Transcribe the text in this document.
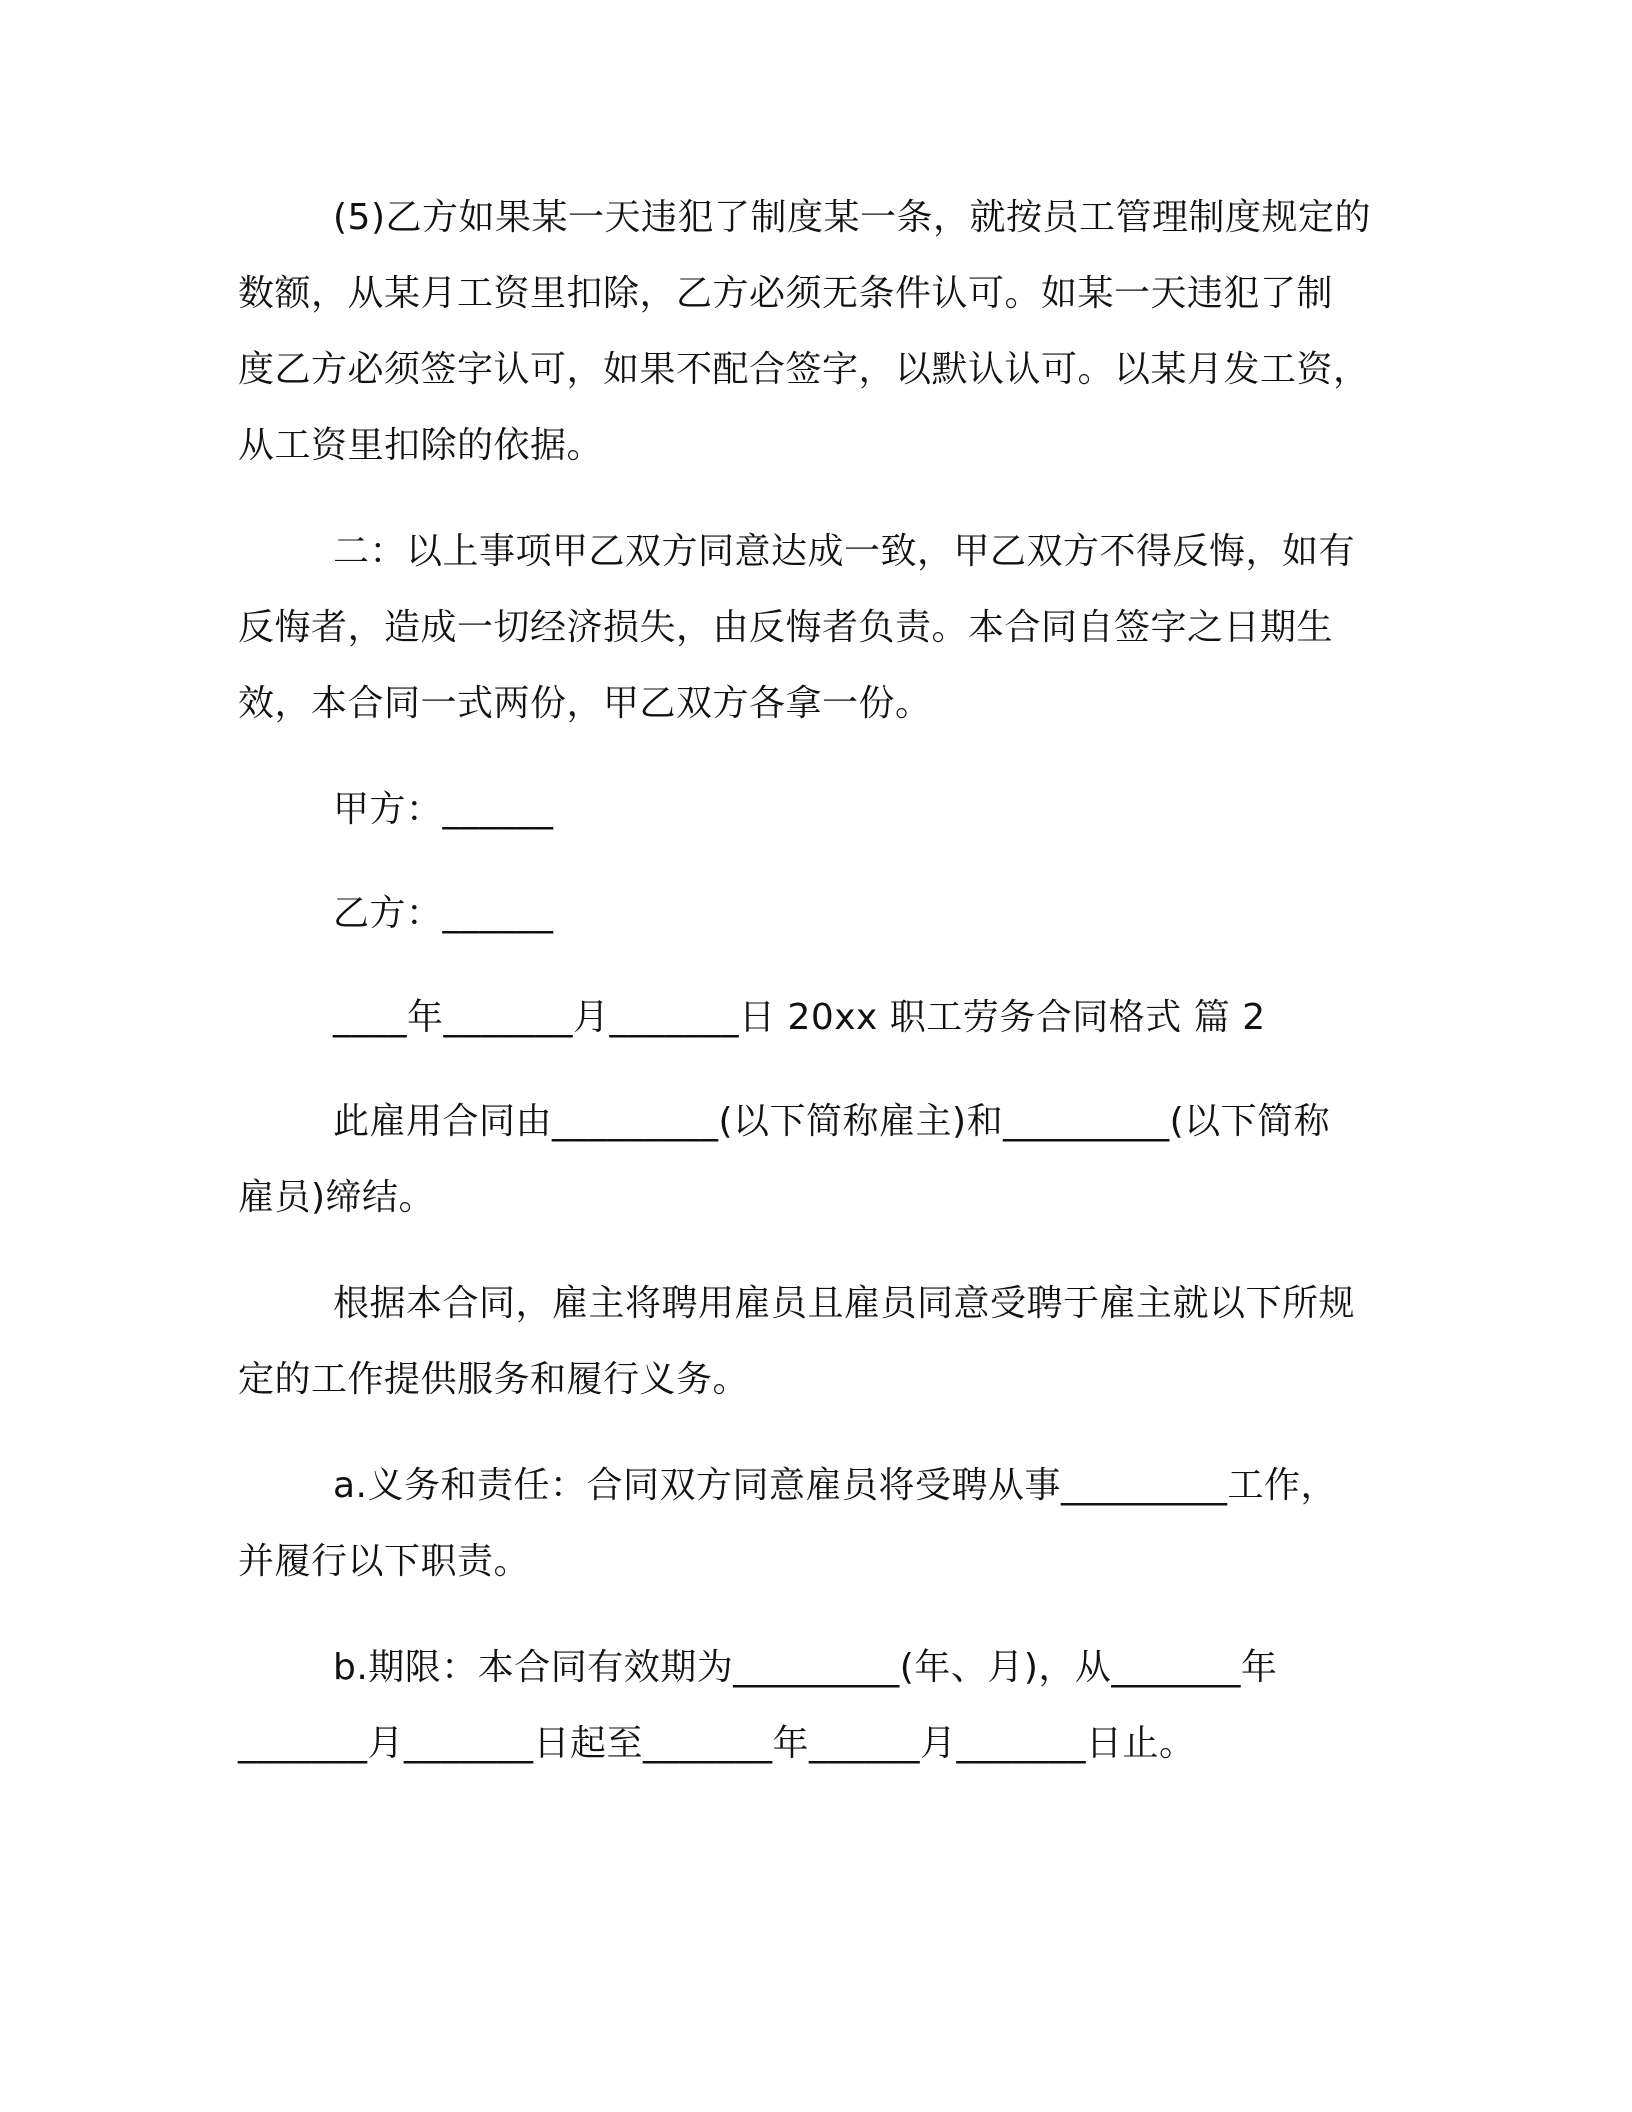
(5)乙方如果某一天违犯了制度某一条，就按员工管理制度规定的
数额，从某月工资里扣除，乙方必须无条件认可。如某一天违犯了制
度乙方必须签字认可，如果不配合签字，以默认认可。以某月发工资，
从工资里扣除的依据。
二：以上事项甲乙双方同意达成一致，甲乙双方不得反悔，如有
反悔者，造成一切经济损失，由反悔者负责。本合同自签字之日期生
效，本合同一式两份，甲乙双方各拿一份。
甲方：______
乙方：______
____年_______月_______日 20xx 职工劳务合同格式 篇 2
此雇用合同由_________(以下简称雇主)和_________(以下简称
雇员)缔结。
根据本合同，雇主将聘用雇员且雇员同意受聘于雇主就以下所规
定的工作提供服务和履行义务。
a.义务和责任：合同双方同意雇员将受聘从事_________工作，
并履行以下职责。
b.期限：本合同有效期为_________(年、月)，从_______年
_______月_______日起至_______年______月_______日止。
